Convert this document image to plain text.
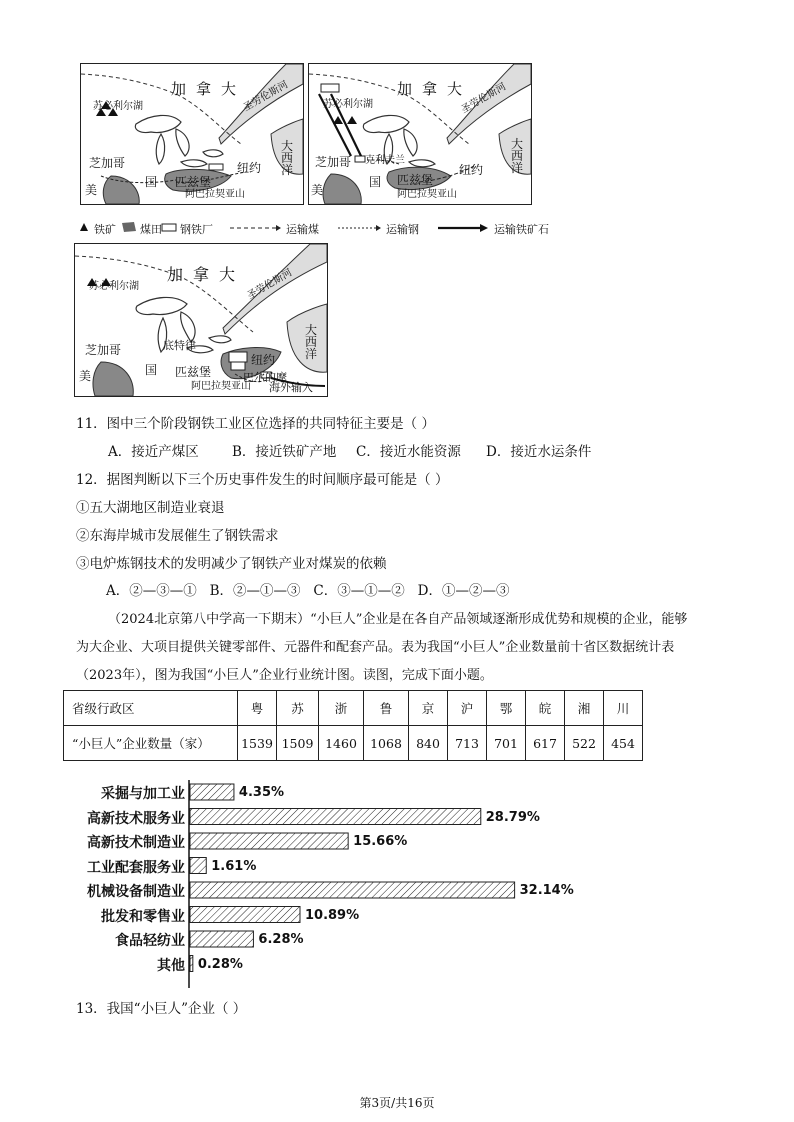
加拿大
圣劳伦斯河
苏必利尔湖
芝加哥
匹兹堡
纽约
阿巴拉契亚山
美
国
大西洋
加拿大
圣劳伦斯河
苏必利尔湖
芝加哥 克利夫兰
匹兹堡
纽约
阿巴拉契亚山
美
国
大西洋
铁矿 煤田 钢铁厂	运输煤	运输钢	运输铁矿石
加拿大 圣劳伦斯河
苏必利尔湖
芝加哥	底特律
匹兹堡
纽约
巴尔的摩
阿巴拉契亚山 海外输入
美	国
大西洋
11．图中三个阶段钢铁工业区位选择的共同特征主要是（ ）
A．接近产煤区 B．接近铁矿产地 C．接近水能资源 D．接近水运条件
12．据图判断以下三个历史事件发生的时间顺序最可能是（ ）
①五大湖地区制造业衰退
②东海岸城市发展催生了钢铁需求
③电炉炼钢技术的发明减少了钢铁产业对煤炭的依赖
A．②—③—①   B．②—①—③   C．③—①—②   D．①—②—③
（2024北京第八中学高一下期末）“小巨人”企业是在各自产品领域逐渐形成优势和规模的企业，能够
为大企业、大项目提供关键零部件、元器件和配套产品。表为我国“小巨人”企业数量前十省区数据统计表
（2023年），图为我国“小巨人”企业行业统计图。读图，完成下面小题。
省级行政区	粤	苏	浙	鲁	京	沪	鄂	皖	湘	川
“小巨人”企业数量（家）	1539	1509	1460	1068	840	713	701	617	522	454
采掘与加工业	4.35%
高新技术服务业	28.79%
高新技术制造业	15.66%
工业配套服务业 1.61%
机械设备制造业	32.14%
批发和零售业	10.89%
食品轻纺业	6.28%
其他 0.28%
13．我国“小巨人”企业（ ）
第3页/共16页
